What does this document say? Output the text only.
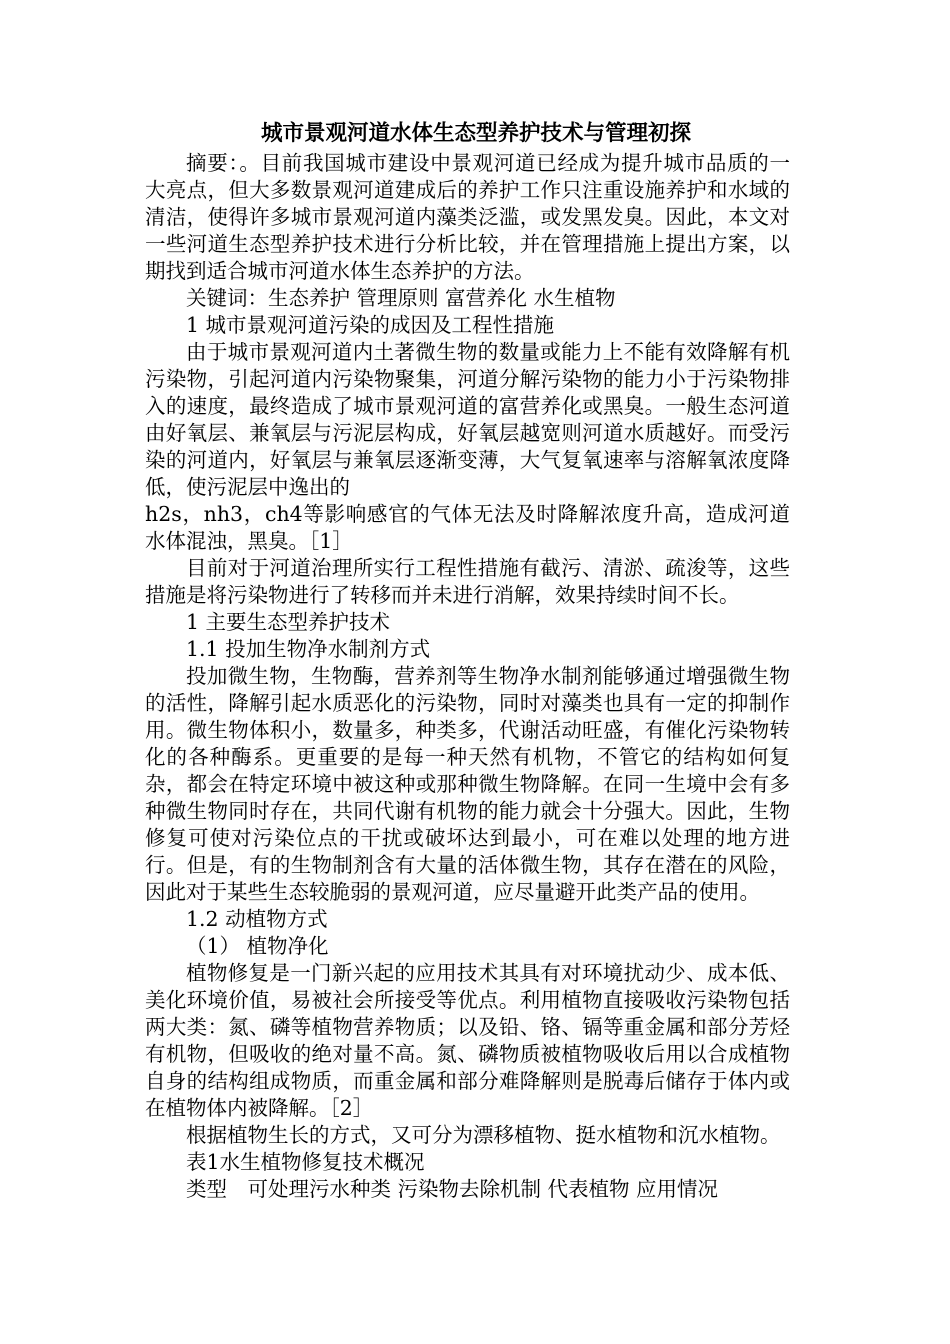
城市景观河道水体生态型养护技术与管理初探

摘要：。目前我国城市建设中景观河道已经成为提升城市品质的一大亮点，但大多数景观河道建成后的养护工作只注重设施养护和水域的清洁，使得许多城市景观河道内藻类泛滥，或发黑发臭。因此，本文对一些河道生态型养护技术进行分析比较，并在管理措施上提出方案，以期找到适合城市河道水体生态养护的方法。

关键词：生态养护 管理原则 富营养化 水生植物

1 城市景观河道污染的成因及工程性措施

由于城市景观河道内土著微生物的数量或能力上不能有效降解有机污染物，引起河道内污染物聚集，河道分解污染物的能力小于污染物排入的速度，最终造成了城市景观河道的富营养化或黑臭。一般生态河道由好氧层、兼氧层与污泥层构成，好氧层越宽则河道水质越好。而受污染的河道内，好氧层与兼氧层逐渐变薄，大气复氧速率与溶解氧浓度降低，使污泥层中逸出的

h2s，nh3，ch4等影响感官的气体无法及时降解浓度升高，造成河道水体混浊，黑臭。［1］

目前对于河道治理所实行工程性措施有截污、清淤、疏浚等，这些措施是将污染物进行了转移而并未进行消解，效果持续时间不长。

1 主要生态型养护技术

1.1 投加生物净水制剂方式

投加微生物，生物酶，营养剂等生物净水制剂能够通过增强微生物的活性，降解引起水质恶化的污染物，同时对藻类也具有一定的抑制作用。微生物体积小，数量多，种类多，代谢活动旺盛，有催化污染物转化的各种酶系。更重要的是每一种天然有机物，不管它的结构如何复杂，都会在特定环境中被这种或那种微生物降解。在同一生境中会有多种微生物同时存在，共同代谢有机物的能力就会十分强大。因此，生物修复可使对污染位点的干扰或破坏达到最小，可在难以处理的地方进行。但是，有的生物制剂含有大量的活体微生物，其存在潜在的风险，因此对于某些生态较脆弱的景观河道，应尽量避开此类产品的使用。

1.2 动植物方式

（1） 植物净化

植物修复是一门新兴起的应用技术其具有对环境扰动少、成本低、美化环境价值，易被社会所接受等优点。利用植物直接吸收污染物包括两大类：氮、磷等植物营养物质；以及铅、铬、镉等重金属和部分芳烃有机物，但吸收的绝对量不高。氮、磷物质被植物吸收后用以合成植物自身的结构组成物质，而重金属和部分难降解则是脱毒后储存于体内或在植物体内被降解。［2］

根据植物生长的方式，又可分为漂移植物、挺水植物和沉水植物。

表1水生植物修复技术概况

类型　可处理污水种类 污染物去除机制 代表植物 应用情况
